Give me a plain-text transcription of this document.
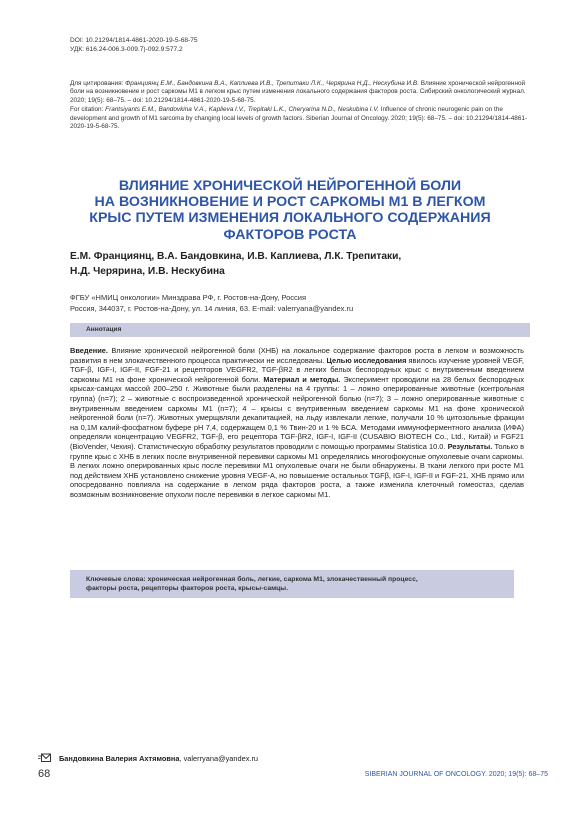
DOI: 10.21294/1814-4861-2020-19-5-68-75
УДК: 616.24-006.3-009.7)-092.9:577.2
Для цитирования: Франциянц Е.М., Бандовкина В.А., Каплиева И.В., Трепитаки Л.К., Черярина Н.Д., Нескубина И.В. Влияние хронической нейрогенной боли на возникновение и рост саркомы М1 в легком крыс путем изменения локального содержания факторов роста. Сибирский онкологический журнал. 2020; 19(5): 68–75. – doi: 10.21294/1814-4861-2020-19-5-68-75.
For citation: Frantsiyants E.M., Bandovkina V.A., Kaplieva I.V., Trepitaki L.K., Cheryarina N.D., Neskubina I.V. Influence of chronic neurogenic pain on the development and growth of M1 sarcoma by changing local levels of growth factors. Siberian Journal of Oncology. 2020; 19(5): 68–75. – doi: 10.21294/1814-4861-2020-19-5-68-75.
ВЛИЯНИЕ ХРОНИЧЕСКОЙ НЕЙРОГЕННОЙ БОЛИ
НА ВОЗНИКНОВЕНИЕ И РОСТ САРКОМЫ М1 В ЛЕГКОМ
КРЫС ПУТЕМ ИЗМЕНЕНИЯ ЛОКАЛЬНОГО СОДЕРЖАНИЯ
ФАКТОРОВ РОСТА
Е.М. Франциянц, В.А. Бандовкина, И.В. Каплиева, Л.К. Трепитаки,
Н.Д. Черярина, И.В. Нескубина
ФГБУ «НМИЦ онкологии» Минздрава РФ, г. Ростов-на-Дону, Россия
Россия, 344037, г. Ростов-на-Дону, ул. 14 линия, 63. E-mail: valerryana@yandex.ru
Аннотация
Введение. Влияние хронической нейрогенной боли (ХНБ) на локальное содержание факторов роста в легком и возможность развития в нем злокачественного процесса практически не исследованы. Целью исследования явилось изучение уровней VEGF, TGF-β, IGF-I, IGF-II, FGF-21 и рецепторов VEGFR2, TGF-βR2 в легких белых беспородных крыс с внутривенным введением саркомы М1 на фоне хронической нейрогенной боли. Материал и методы. Эксперимент проводили на 28 белых беспородных крысах-самцах массой 200–250 г. Животные были разделены на 4 группы: 1 – ложно оперированные животные (контрольная группа) (n=7); 2 – животные с воспроизведенной хронической нейрогенной болью (n=7); 3 – ложно оперированные животные с внутривенным введением саркомы М1 (n=7); 4 – крысы с внутривенным введением саркомы М1 на фоне хронической нейрогенной боли (n=7). Животных умерщвляли декапитацией, на льду извлекали легкие, получали 10 % цитозольные фракции на 0,1М калий-фосфатном буфере рН 7,4, содержащем 0,1 % Твин-20 и 1 % БСА. Методами иммуноферментного анализа (ИФА) определяли концентрацию VEGFR2, TGF-β, его рецептора TGF-βR2, IGF-I, IGF-II (CUSABIO BIOTECH Co., Ltd., Китай) и FGF21 (BioVender, Чехия). Статистическую обработку результатов проводили с помощью программы Statistica 10.0. Результаты. Только в группе крыс с ХНБ в легких после внутривенной перевивки саркомы М1 определялись многофокусные опухолевые очаги саркомы. В легких ложно оперированных крыс после перевивки М1 опухолевые очаги не были обнаружены. В ткани легкого при росте М1 под действием ХНБ установлено снижение уровня VEGF-A, но повышение остальных TGFβ, IGF-I, IGF-II и FGF-21. ХНБ прямо или опосредованно повлияла на содержание в легком ряда факторов роста, а также изменила клеточный гомеостаз, сделав возможным возникновение опухоли после перевивки в легкое саркомы М1.
Ключевые слова: хроническая нейрогенная боль, легкие, саркома М1, злокачественный процесс,
факторы роста, рецепторы факторов роста, крысы-самцы.
Бандовкина Валерия Ахтямовна , valerryana@yandex.ru
68	SIBERIAN JOURNAL OF ONCOLOGY. 2020; 19(5): 68–75
